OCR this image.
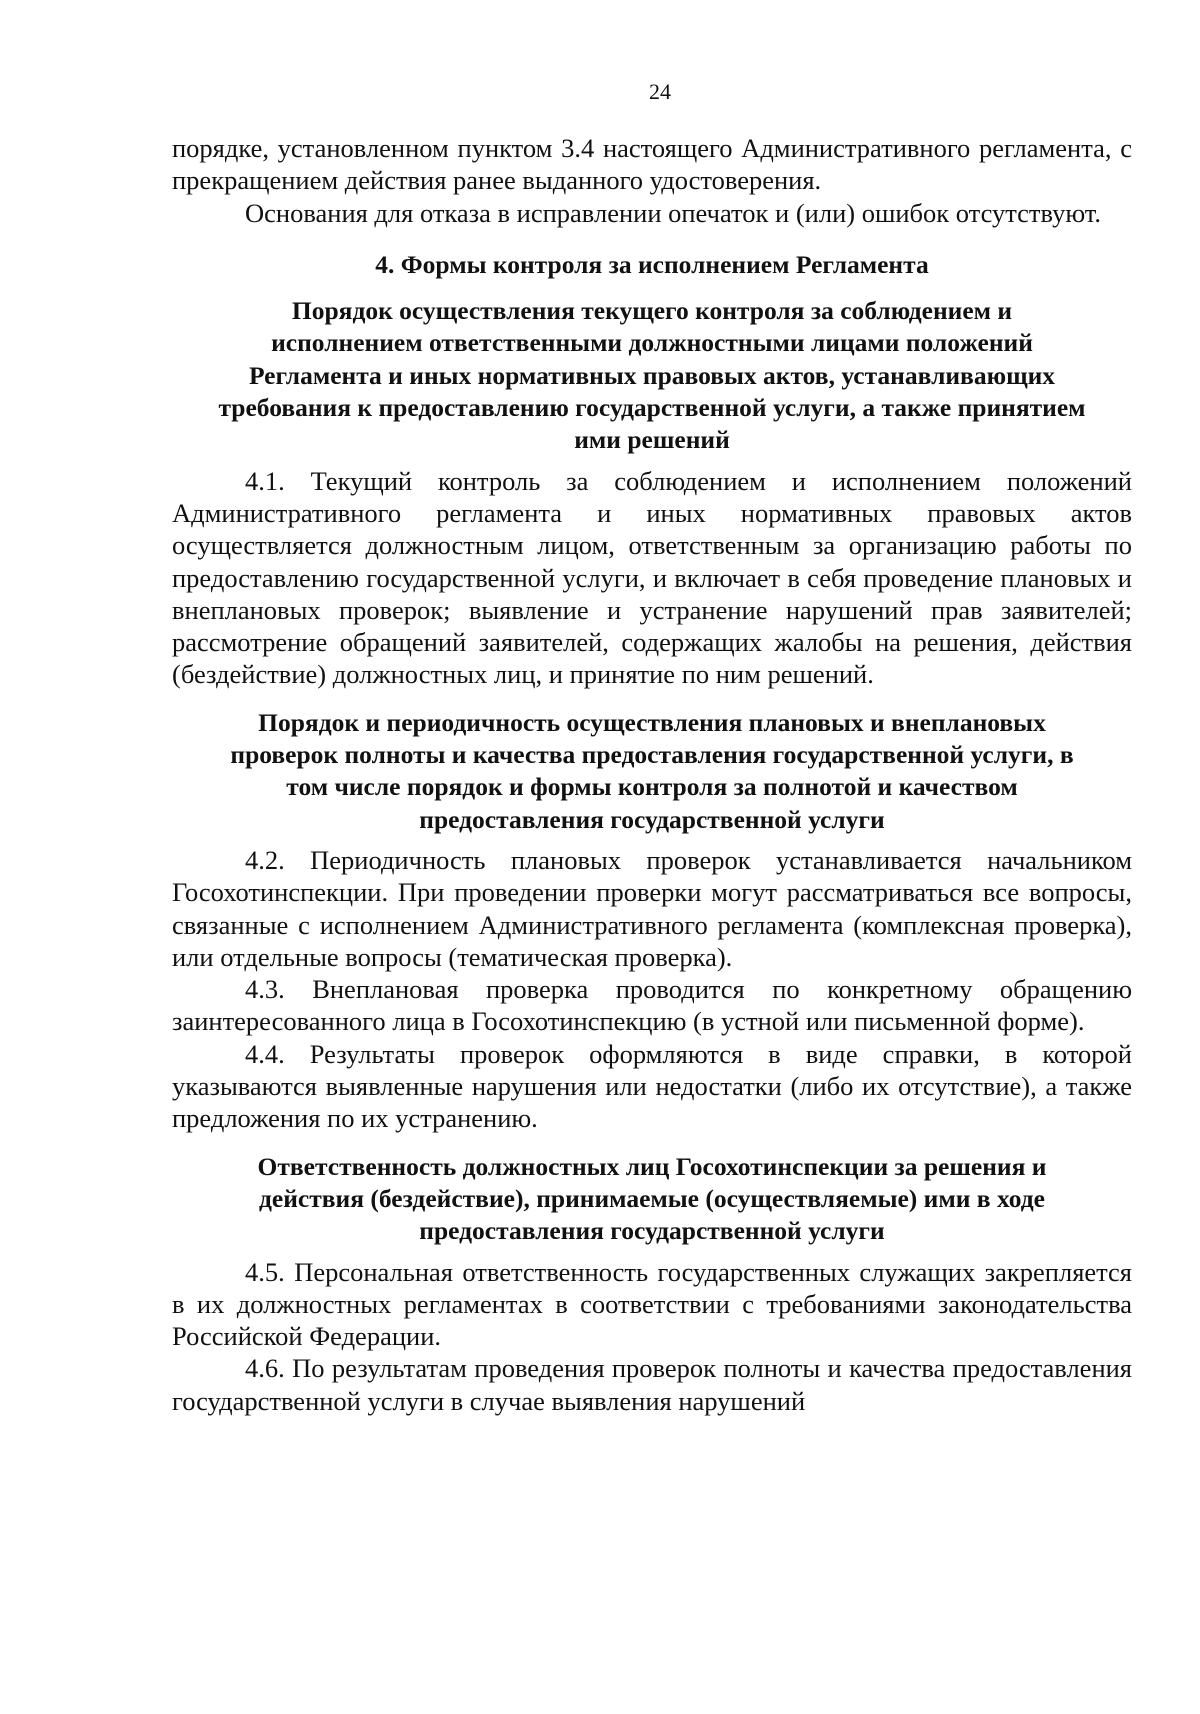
24

порядке, установленном пунктом 3.4 настоящего Административного регламента, с прекращением действия ранее выданного удостоверения.

Основания для отказа в исправлении опечаток и (или) ошибок отсутствуют.

4. Формы контроля за исполнением Регламента
Порядок осуществления текущего контроля за соблюдением и
исполнением ответственными должностными лицами положений
Регламента и иных нормативных правовых актов, устанавливающих
требования к предоставлению государственной услуги, а также принятием
ими решений

4.1. Текущий контроль за соблюдением и исполнением положений Административного регламента и иных нормативных правовых актов осуществляется должностным лицом, ответственным за организацию работы по предоставлению государственной услуги, и включает в себя проведение плановых и внеплановых проверок; выявление и устранение нарушений прав заявителей; рассмотрение обращений заявителей, содержащих жалобы на решения, действия (бездействие) должностных лиц, и принятие по ним решений.

Порядок и периодичность осуществления плановых и внеплановых
проверок полноты и качества предоставления государственной услуги, в
том числе порядок и формы контроля за полнотой и качеством
предоставления государственной услуги

4.2. Периодичность плановых проверок устанавливается начальником Госохотинспекции. При проведении проверки могут рассматриваться все вопросы, связанные с исполнением Административного регламента (комплексная проверка), или отдельные вопросы (тематическая проверка).

4.3. Внеплановая проверка проводится по конкретному обращению заинтересованного лица в Госохотинспекцию (в устной или письменной форме).

4.4. Результаты проверок оформляются в виде справки, в которой указываются выявленные нарушения или недостатки (либо их отсутствие), а также предложения по их устранению.

Ответственность должностных лиц Госохотинспекции за решения и
действия (бездействие), принимаемые (осуществляемые) ими в ходе
предоставления государственной услуги

4.5. Персональная ответственность государственных служащих закрепляется в их должностных регламентах в соответствии с требованиями законодательства Российской Федерации.

4.6. По результатам проведения проверок полноты и качества предоставления государственной услуги в случае выявления нарушений
